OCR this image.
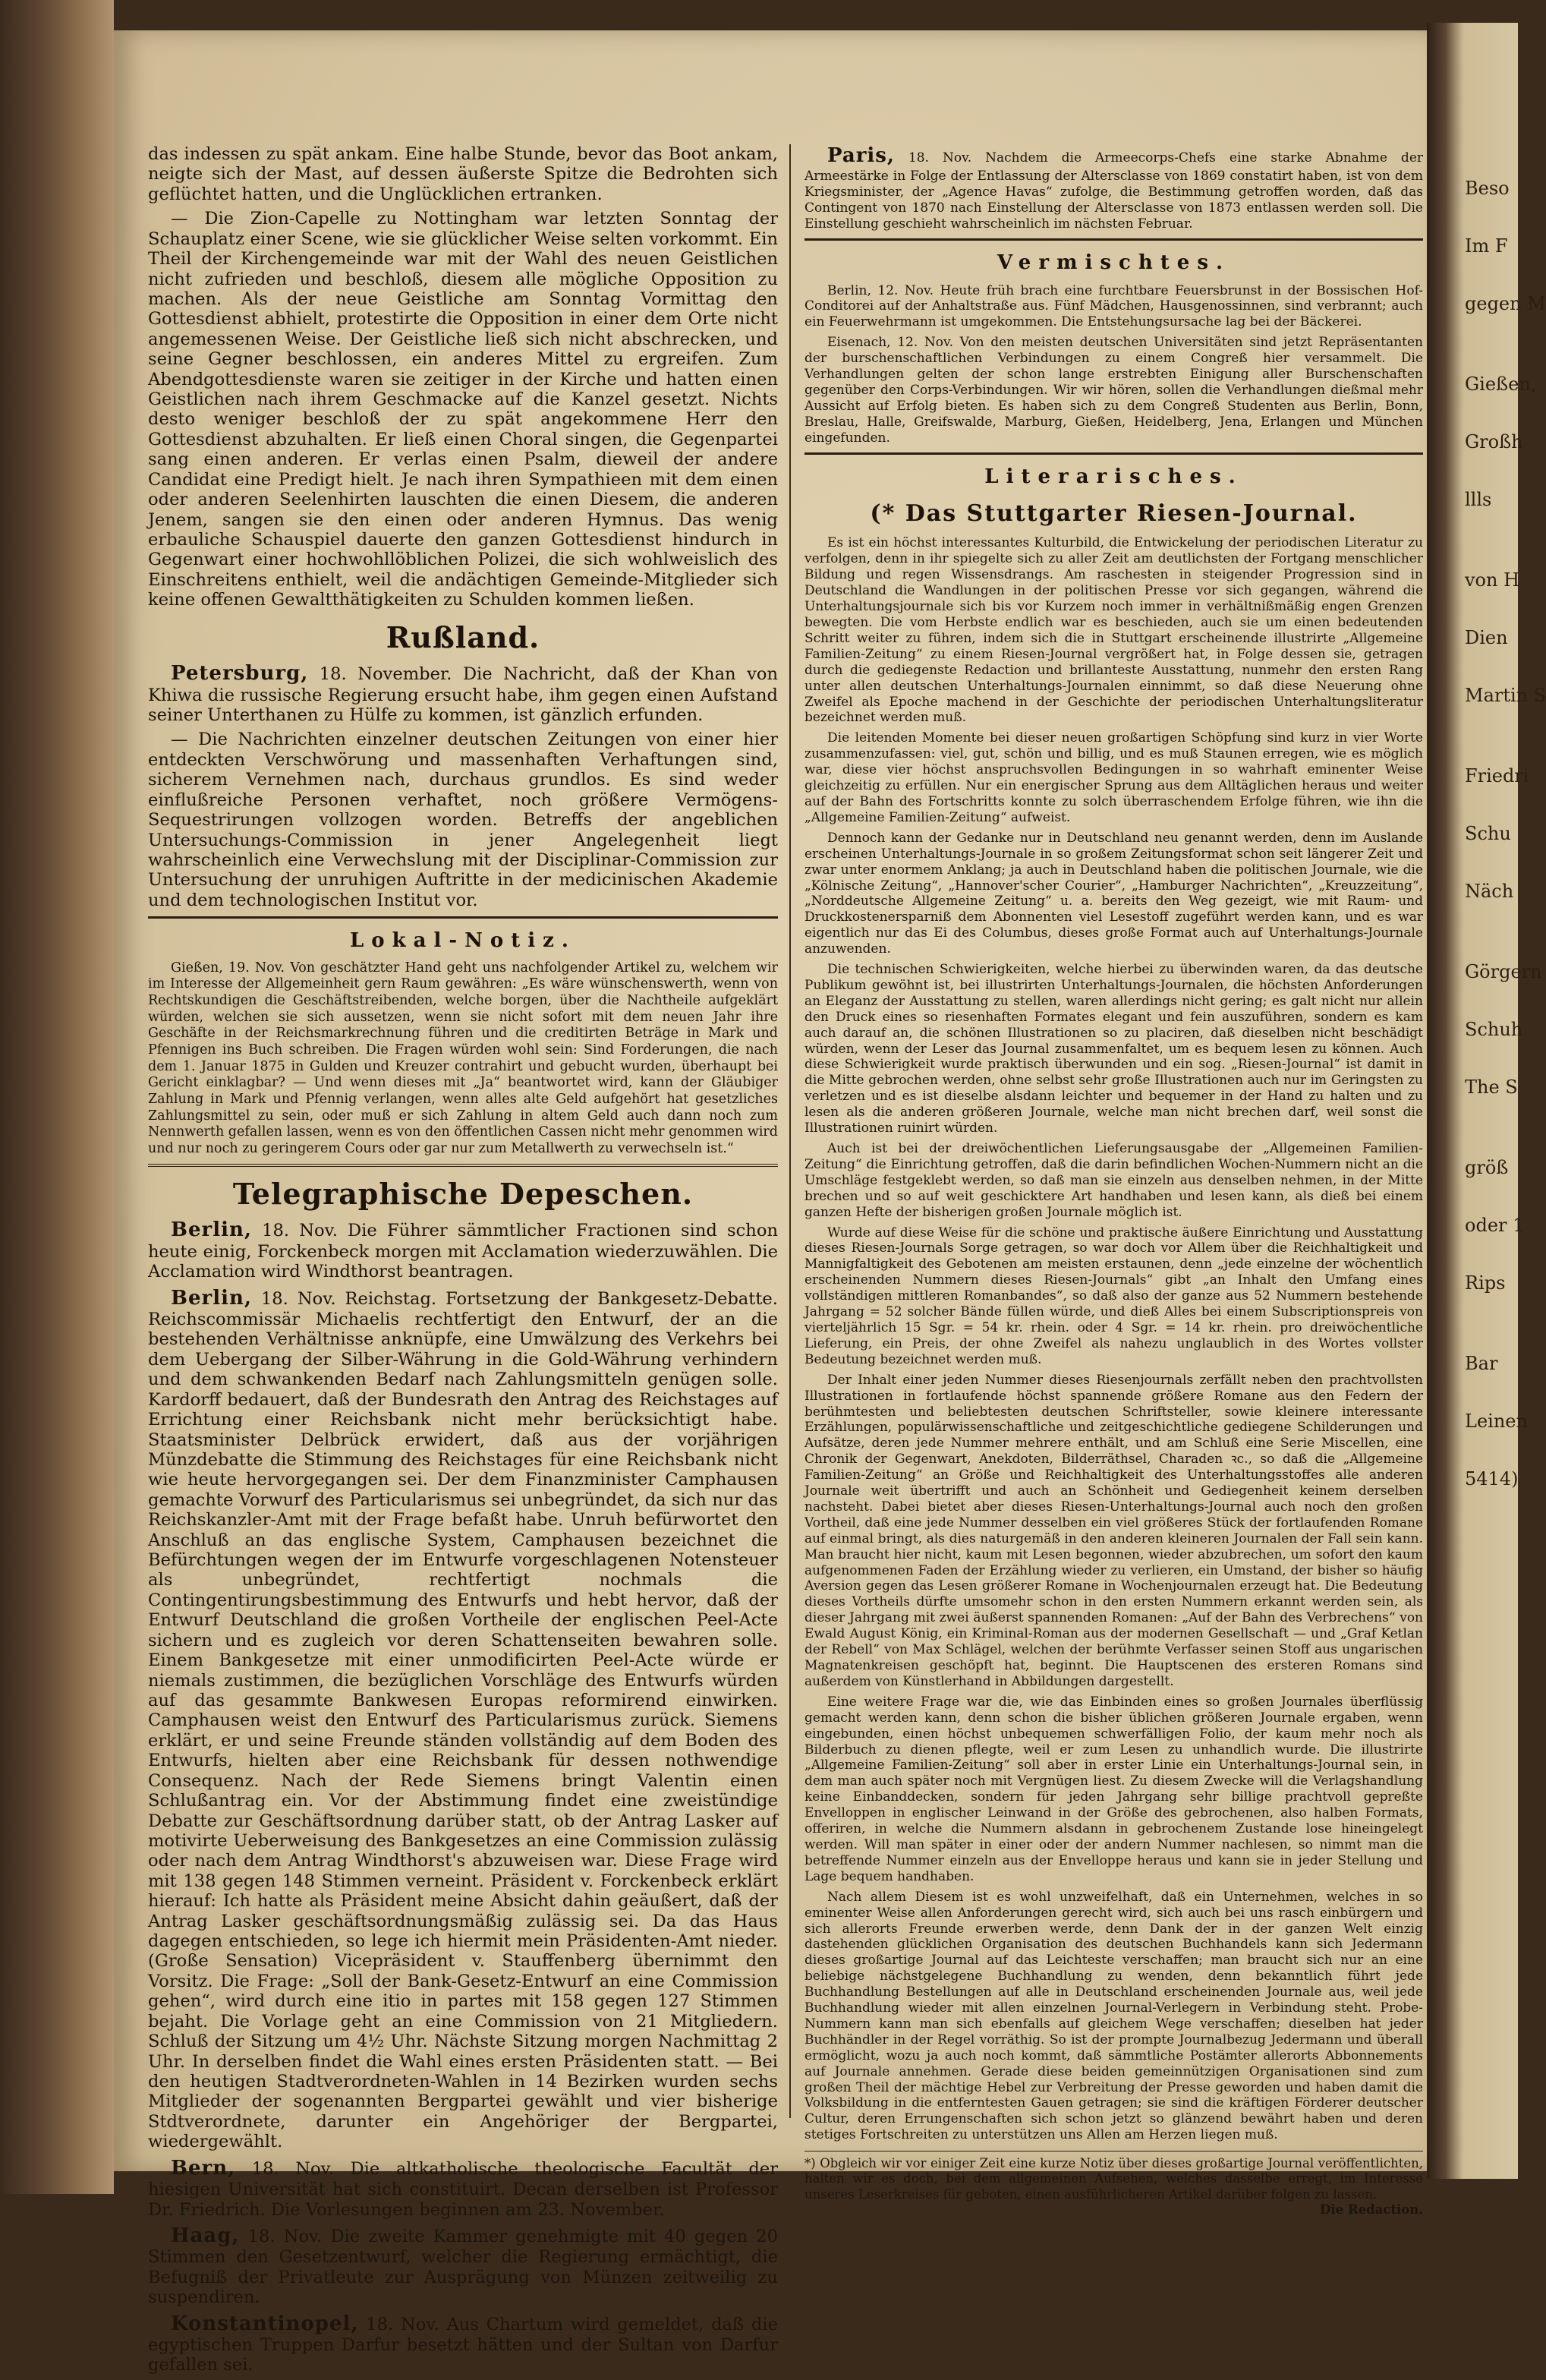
das indessen zu spät ankam. Eine halbe Stunde, bevor das Boot ankam, neigte sich der Mast, auf dessen äußerste Spitze die Bedrohten sich geflüchtet hatten, und die Unglücklichen ertranken.

— Die Zion-Capelle zu Nottingham war letzten Sonntag der Schauplatz einer Scene, wie sie glücklicher Weise selten vorkommt. Ein Theil der Kirchengemeinde war mit der Wahl des neuen Geistlichen nicht zufrieden und beschloß, diesem alle mögliche Opposition zu machen. Als der neue Geistliche am Sonntag Vormittag den Gottesdienst abhielt, protestirte die Opposition in einer dem Orte nicht angemessenen Weise. Der Geistliche ließ sich nicht abschrecken, und seine Gegner beschlossen, ein anderes Mittel zu ergreifen. Zum Abendgottesdienste waren sie zeitiger in der Kirche und hatten einen Geistlichen nach ihrem Geschmacke auf die Kanzel gesetzt. Nichts desto weniger beschloß der zu spät angekommene Herr den Gottesdienst abzuhalten. Er ließ einen Choral singen, die Gegenpartei sang einen anderen. Er verlas einen Psalm, dieweil der andere Candidat eine Predigt hielt. Je nach ihren Sympathieen mit dem einen oder anderen Seelenhirten lauschten die einen Diesem, die anderen Jenem, sangen sie den einen oder anderen Hymnus. Das wenig erbauliche Schauspiel dauerte den ganzen Gottesdienst hindurch in Gegenwart einer hochwohllöblichen Polizei, die sich wohlweislich des Einschreitens enthielt, weil die andächtigen Gemeinde-Mitglieder sich keine offenen Gewaltthätigkeiten zu Schulden kommen ließen.

Rußland.

Petersburg, 18. November. Die Nachricht, daß der Khan von Khiwa die russische Regierung ersucht habe, ihm gegen einen Aufstand seiner Unterthanen zu Hülfe zu kommen, ist gänzlich erfunden.

— Die Nachrichten einzelner deutschen Zeitungen von einer hier entdeckten Verschwörung und massenhaften Verhaftungen sind, sicherem Vernehmen nach, durchaus grundlos. Es sind weder einflußreiche Personen verhaftet, noch größere Vermögens-Sequestrirungen vollzogen worden. Betreffs der angeblichen Untersuchungs-Commission in jener Angelegenheit liegt wahrscheinlich eine Verwechslung mit der Disciplinar-Commission zur Untersuchung der unruhigen Auftritte in der medicinischen Akademie und dem technologischen Institut vor.

Lokal-Notiz.

Gießen, 19. Nov. Von geschätzter Hand geht uns nachfolgender Artikel zu, welchem wir im Interesse der Allgemeinheit gern Raum gewähren: „Es wäre wünschenswerth, wenn von Rechtskundigen die Geschäftstreibenden, welche borgen, über die Nachtheile aufgeklärt würden, welchen sie sich aussetzen, wenn sie nicht sofort mit dem neuen Jahr ihre Geschäfte in der Reichsmarkrechnung führen und die creditirten Beträge in Mark und Pfennigen ins Buch schreiben. Die Fragen würden wohl sein: Sind Forderungen, die nach dem 1. Januar 1875 in Gulden und Kreuzer contrahirt und gebucht wurden, überhaupt bei Gericht einklagbar? — Und wenn dieses mit „Ja“ beantwortet wird, kann der Gläubiger Zahlung in Mark und Pfennig verlangen, wenn alles alte Geld aufgehört hat gesetzliches Zahlungsmittel zu sein, oder muß er sich Zahlung in altem Geld auch dann noch zum Nennwerth gefallen lassen, wenn es von den öffentlichen Cassen nicht mehr genommen wird und nur noch zu geringerem Cours oder gar nur zum Metallwerth zu verwechseln ist.“

Telegraphische Depeschen.

Berlin, 18. Nov. Die Führer sämmtlicher Fractionen sind schon heute einig, Forckenbeck morgen mit Acclamation wiederzuwählen. Die Acclamation wird Windthorst beantragen.

Berlin, 18. Nov. Reichstag. Fortsetzung der Bankgesetz-Debatte. Reichscommissär Michaelis rechtfertigt den Entwurf, der an die bestehenden Verhältnisse anknüpfe, eine Umwälzung des Verkehrs bei dem Uebergang der Silber-Währung in die Gold-Währung verhindern und dem schwankenden Bedarf nach Zahlungsmitteln genügen solle. Kardorff bedauert, daß der Bundesrath den Antrag des Reichstages auf Errichtung einer Reichsbank nicht mehr berücksichtigt habe. Staatsminister Delbrück erwidert, daß aus der vorjährigen Münzdebatte die Stimmung des Reichstages für eine Reichsbank nicht wie heute hervorgegangen sei. Der dem Finanzminister Camphausen gemachte Vorwurf des Particularismus sei unbegründet, da sich nur das Reichskanzler-Amt mit der Frage befaßt habe. Unruh befürwortet den Anschluß an das englische System, Camphausen bezeichnet die Befürchtungen wegen der im Entwurfe vorgeschlagenen Notensteuer als unbegründet, rechtfertigt nochmals die Contingentirungsbestimmung des Entwurfs und hebt hervor, daß der Entwurf Deutschland die großen Vortheile der englischen Peel-Acte sichern und es zugleich vor deren Schattenseiten bewahren solle. Einem Bankgesetze mit einer unmodificirten Peel-Acte würde er niemals zustimmen, die bezüglichen Vorschläge des Entwurfs würden auf das gesammte Bankwesen Europas reformirend einwirken. Camphausen weist den Entwurf des Particularismus zurück. Siemens erklärt, er und seine Freunde ständen vollständig auf dem Boden des Entwurfs, hielten aber eine Reichsbank für dessen nothwendige Consequenz. Nach der Rede Siemens bringt Valentin einen Schlußantrag ein. Vor der Abstimmung findet eine zweistündige Debatte zur Geschäftsordnung darüber statt, ob der Antrag Lasker auf motivirte Ueberweisung des Bankgesetzes an eine Commission zulässig oder nach dem Antrag Windthorst's abzuweisen war. Diese Frage wird mit 138 gegen 148 Stimmen verneint. Präsident v. Forckenbeck erklärt hierauf: Ich hatte als Präsident meine Absicht dahin geäußert, daß der Antrag Lasker geschäftsordnungsmäßig zulässig sei. Da das Haus dagegen entschieden, so lege ich hiermit mein Präsidenten-Amt nieder. (Große Sensation) Vicepräsident v. Stauffenberg übernimmt den Vorsitz. Die Frage: „Soll der Bank-Gesetz-Entwurf an eine Commission gehen“, wird durch eine itio in partes mit 158 gegen 127 Stimmen bejaht. Die Vorlage geht an eine Commission von 21 Mitgliedern. Schluß der Sitzung um 4½ Uhr. Nächste Sitzung morgen Nachmittag 2 Uhr. In derselben findet die Wahl eines ersten Präsidenten statt. — Bei den heutigen Stadtverordneten-Wahlen in 14 Bezirken wurden sechs Mitglieder der sogenannten Bergpartei gewählt und vier bisherige Stdtverordnete, darunter ein Angehöriger der Bergpartei, wiedergewählt.

Bern, 18. Nov. Die altkatholische theologische Facultät der hiesigen Universität hat sich constituirt. Decan derselben ist Professor Dr. Friedrich. Die Vorlesungen beginnen am 23. November.

Haag, 18. Nov. Die zweite Kammer genehmigte mit 40 gegen 20 Stimmen den Gesetzentwurf, welcher die Regierung ermächtigt, die Befugniß der Privatleute zur Ausprägung von Münzen zeitweilig zu suspendiren.

Konstantinopel, 18. Nov. Aus Chartum wird gemeldet, daß die egyptischen Truppen Darfur besetzt hätten und der Sultan von Darfur gefallen sei.

Paris, 18. Nov. Nachdem die Armeecorps-Chefs eine starke Abnahme der Armeestärke in Folge der Entlassung der Altersclasse von 1869 constatirt haben, ist von dem Kriegsminister, der „Agence Havas“ zufolge, die Bestimmung getroffen worden, daß das Contingent von 1870 nach Einstellung der Altersclasse von 1873 entlassen werden soll. Die Einstellung geschieht wahrscheinlich im nächsten Februar.

Vermischtes.

Berlin, 12. Nov. Heute früh brach eine furchtbare Feuersbrunst in der Bossischen Hof-Conditorei auf der Anhaltstraße aus. Fünf Mädchen, Hausgenossinnen, sind verbrannt; auch ein Feuerwehrmann ist umgekommen. Die Entstehungsursache lag bei der Bäckerei.

Eisenach, 12. Nov. Von den meisten deutschen Universitäten sind jetzt Repräsentanten der burschenschaftlichen Verbindungen zu einem Congreß hier versammelt. Die Verhandlungen gelten der schon lange erstrebten Einigung aller Burschenschaften gegenüber den Corps-Verbindungen. Wir wir hören, sollen die Verhandlungen dießmal mehr Aussicht auf Erfolg bieten. Es haben sich zu dem Congreß Studenten aus Berlin, Bonn, Breslau, Halle, Greifswalde, Marburg, Gießen, Heidelberg, Jena, Erlangen und München eingefunden.

Literarisches.
(* Das Stuttgarter Riesen-Journal.

Es ist ein höchst interessantes Kulturbild, die Entwickelung der periodischen Literatur zu verfolgen, denn in ihr spiegelte sich zu aller Zeit am deutlichsten der Fortgang menschlicher Bildung und regen Wissensdrangs. Am raschesten in steigender Progression sind in Deutschland die Wandlungen in der politischen Presse vor sich gegangen, während die Unterhaltungsjournale sich bis vor Kurzem noch immer in verhältnißmäßig engen Grenzen bewegten. Die vom Herbste endlich war es beschieden, auch sie um einen bedeutenden Schritt weiter zu führen, indem sich die in Stuttgart erscheinende illustrirte „Allgemeine Familien-Zeitung“ zu einem Riesen-Journal vergrößert hat, in Folge dessen sie, getragen durch die gediegenste Redaction und brillanteste Ausstattung, nunmehr den ersten Rang unter allen deutschen Unterhaltungs-Journalen einnimmt, so daß diese Neuerung ohne Zweifel als Epoche machend in der Geschichte der periodischen Unterhaltungsliteratur bezeichnet werden muß.

Die leitenden Momente bei dieser neuen großartigen Schöpfung sind kurz in vier Worte zusammenzufassen: viel, gut, schön und billig, und es muß Staunen erregen, wie es möglich war, diese vier höchst anspruchsvollen Bedingungen in so wahrhaft eminenter Weise gleichzeitig zu erfüllen. Nur ein energischer Sprung aus dem Alltäglichen heraus und weiter auf der Bahn des Fortschritts konnte zu solch überraschendem Erfolge führen, wie ihn die „Allgemeine Familien-Zeitung“ aufweist.

Dennoch kann der Gedanke nur in Deutschland neu genannt werden, denn im Auslande erscheinen Unterhaltungs-Journale in so großem Zeitungsformat schon seit längerer Zeit und zwar unter enormem Anklang; ja auch in Deutschland haben die politischen Journale, wie die „Kölnische Zeitung“, „Hannover'scher Courier“, „Hamburger Nachrichten“, „Kreuzzeitung“, „Norddeutsche Allgemeine Zeitung“ u. a. bereits den Weg gezeigt, wie mit Raum- und Druckkostenersparniß dem Abonnenten viel Lesestoff zugeführt werden kann, und es war eigentlich nur das Ei des Columbus, dieses große Format auch auf Unterhaltungs-Journale anzuwenden.

Die technischen Schwierigkeiten, welche hierbei zu überwinden waren, da das deutsche Publikum gewöhnt ist, bei illustrirten Unterhaltungs-Journalen, die höchsten Anforderungen an Eleganz der Ausstattung zu stellen, waren allerdings nicht gering; es galt nicht nur allein den Druck eines so riesenhaften Formates elegant und fein auszuführen, sondern es kam auch darauf an, die schönen Illustrationen so zu placiren, daß dieselben nicht beschädigt würden, wenn der Leser das Journal zusammenfaltet, um es bequem lesen zu können. Auch diese Schwierigkeit wurde praktisch überwunden und ein sog. „Riesen-Journal“ ist damit in die Mitte gebrochen werden, ohne selbst sehr große Illustrationen auch nur im Geringsten zu verletzen und es ist dieselbe alsdann leichter und bequemer in der Hand zu halten und zu lesen als die anderen größeren Journale, welche man nicht brechen darf, weil sonst die Illustrationen ruinirt würden.

Auch ist bei der dreiwöchentlichen Lieferungsausgabe der „Allgemeinen Familien-Zeitung“ die Einrichtung getroffen, daß die darin befindlichen Wochen-Nummern nicht an die Umschläge festgeklebt werden, so daß man sie einzeln aus denselben nehmen, in der Mitte brechen und so auf weit geschicktere Art handhaben und lesen kann, als dieß bei einem ganzen Hefte der bisherigen großen Journale möglich ist.

Wurde auf diese Weise für die schöne und praktische äußere Einrichtung und Ausstattung dieses Riesen-Journals Sorge getragen, so war doch vor Allem über die Reichhaltigkeit und Mannigfaltigkeit des Gebotenen am meisten erstaunen, denn „jede einzelne der wöchentlich erscheinenden Nummern dieses Riesen-Journals“ gibt „an Inhalt den Umfang eines vollständigen mittleren Romanbandes“, so daß also der ganze aus 52 Nummern bestehende Jahrgang = 52 solcher Bände füllen würde, und dieß Alles bei einem Subscriptionspreis von vierteljährlich 15 Sgr. = 54 kr. rhein. oder 4 Sgr. = 14 kr. rhein. pro dreiwöchentliche Lieferung, ein Preis, der ohne Zweifel als nahezu unglaublich in des Wortes vollster Bedeutung bezeichnet werden muß.

Der Inhalt einer jeden Nummer dieses Riesenjournals zerfällt neben den prachtvollsten Illustrationen in fortlaufende höchst spannende größere Romane aus den Federn der berühmtesten und beliebtesten deutschen Schriftsteller, sowie kleinere interessante Erzählungen, populärwissenschaftliche und zeitgeschichtliche gediegene Schilderungen und Aufsätze, deren jede Nummer mehrere enthält, und am Schluß eine Serie Miscellen, eine Chronik der Gegenwart, Anekdoten, Bilderräthsel, Charaden ꝛc., so daß die „Allgemeine Familien-Zeitung“ an Größe und Reichhaltigkeit des Unterhaltungsstoffes alle anderen Journale weit übertrifft und auch an Schönheit und Gediegenheit keinem derselben nachsteht. Dabei bietet aber dieses Riesen-Unterhaltungs-Journal auch noch den großen Vortheil, daß eine jede Nummer desselben ein viel größeres Stück der fortlaufenden Romane auf einmal bringt, als dies naturgemäß in den anderen kleineren Journalen der Fall sein kann. Man braucht hier nicht, kaum mit Lesen begonnen, wieder abzubrechen, um sofort den kaum aufgenommenen Faden der Erzählung wieder zu verlieren, ein Umstand, der bisher so häufig Aversion gegen das Lesen größerer Romane in Wochenjournalen erzeugt hat. Die Bedeutung dieses Vortheils dürfte umsomehr schon in den ersten Nummern erkannt werden sein, als dieser Jahrgang mit zwei äußerst spannenden Romanen: „Auf der Bahn des Verbrechens“ von Ewald August König, ein Kriminal-Roman aus der modernen Gesellschaft — und „Graf Ketlan der Rebell“ von Max Schlägel, welchen der berühmte Verfasser seinen Stoff aus ungarischen Magnatenkreisen geschöpft hat, beginnt. Die Hauptscenen des ersteren Romans sind außerdem von Künstlerhand in Abbildungen dargestellt.

Eine weitere Frage war die, wie das Einbinden eines so großen Journales überflüssig gemacht werden kann, denn schon die bisher üblichen größeren Journale ergaben, wenn eingebunden, einen höchst unbequemen schwerfälligen Folio, der kaum mehr noch als Bilderbuch zu dienen pflegte, weil er zum Lesen zu unhandlich wurde. Die illustrirte „Allgemeine Familien-Zeitung“ soll aber in erster Linie ein Unterhaltungs-Journal sein, in dem man auch später noch mit Vergnügen liest. Zu diesem Zwecke will die Verlagshandlung keine Einbanddecken, sondern für jeden Jahrgang sehr billige prachtvoll gepreßte Envelloppen in englischer Leinwand in der Größe des gebrochenen, also halben Formats, offeriren, in welche die Nummern alsdann in gebrochenem Zustande lose hineingelegt werden. Will man später in einer oder der andern Nummer nachlesen, so nimmt man die betreffende Nummer einzeln aus der Envelloppe heraus und kann sie in jeder Stellung und Lage bequem handhaben.

Nach allem Diesem ist es wohl unzweifelhaft, daß ein Unternehmen, welches in so eminenter Weise allen Anforderungen gerecht wird, sich auch bei uns rasch einbürgern und sich allerorts Freunde erwerben werde, denn Dank der in der ganzen Welt einzig dastehenden glücklichen Organisation des deutschen Buchhandels kann sich Jedermann dieses großartige Journal auf das Leichteste verschaffen; man braucht sich nur an eine beliebige nächstgelegene Buchhandlung zu wenden, denn bekanntlich führt jede Buchhandlung Bestellungen auf alle in Deutschland erscheinenden Journale aus, weil jede Buchhandlung wieder mit allen einzelnen Journal-Verlegern in Verbindung steht. Probe-Nummern kann man sich ebenfalls auf gleichem Wege verschaffen; dieselben hat jeder Buchhändler in der Regel vorräthig. So ist der prompte Journalbezug Jedermann und überall ermöglicht, wozu ja auch noch kommt, daß sämmtliche Postämter allerorts Abbonnements auf Journale annehmen. Gerade diese beiden gemeinnützigen Organisationen sind zum großen Theil der mächtige Hebel zur Verbreitung der Presse geworden und haben damit die Volksbildung in die entferntesten Gauen getragen; sie sind die kräftigen Förderer deutscher Cultur, deren Errungenschaften sich schon jetzt so glänzend bewährt haben und deren stetiges Fortschreiten zu unterstützen uns Allen am Herzen liegen muß.

*) Obgleich wir vor einiger Zeit eine kurze Notiz über dieses großartige Journal veröffentlichten, halten wir es doch, bei dem allgemeinen Aufsehen, welches dasselbe erregt, im Interesse unseres Leserkreises für geboten, einen ausführlicheren Artikel darüber folgen zu lassen.
Die Redaction.
Beso
Im F
gegen M
Gießen,
Großh
llls
von H
Dien
Martin S
Friedri
Schu
Näch
Görgern
Schuh
The S
größ
oder 1
Rips
Bar
Leinen
5414)
